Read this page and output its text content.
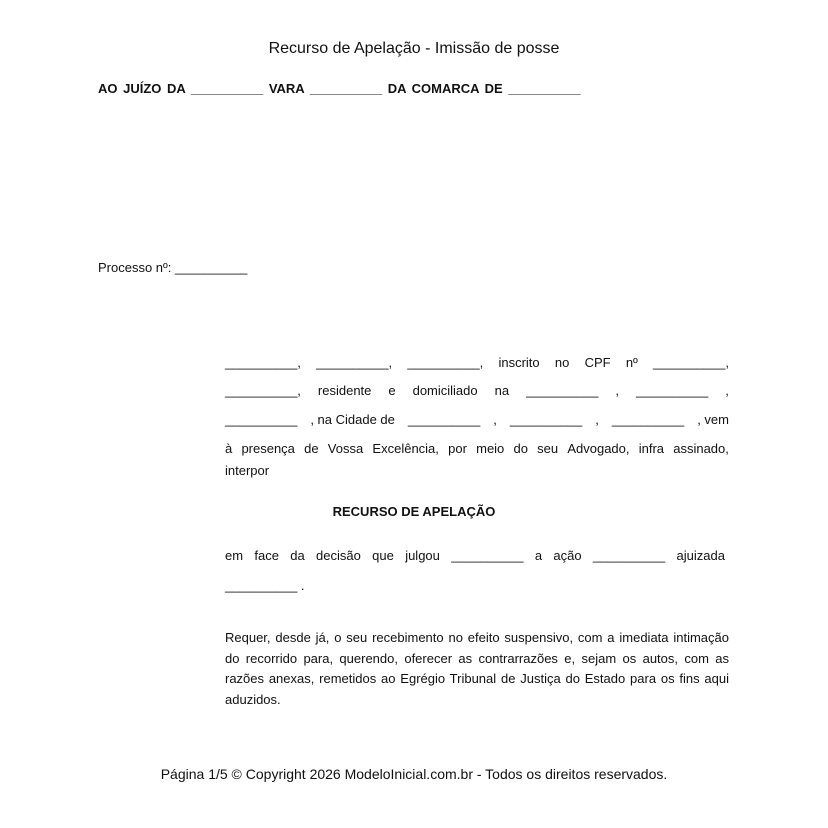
Recurso de Apelação - Imissão de posse
AO JUÍZO DA __________ VARA __________ DA COMARCA DE __________
Processo nº: __________
__________, __________, __________, inscrito no CPF nº __________,
__________, residente e domiciliado na __________ , __________ ,
__________ , na Cidade de __________ , __________ , __________ , vem
à presença de Vossa Excelência, por meio do seu Advogado, infra assinado,
interpor
RECURSO DE APELAÇÃO
em face da decisão que julgou __________ a ação __________ ajuizada
__________ .
Requer, desde já, o seu recebimento no efeito suspensivo, com a imediata intimação do recorrido para, querendo, oferecer as contrarrazões e, sejam os autos, com as razões anexas, remetidos ao Egrégio Tribunal de Justiça do Estado para os fins aqui aduzidos.
Página 1/5 © Copyright 2026 ModeloInicial.com.br - Todos os direitos reservados.
